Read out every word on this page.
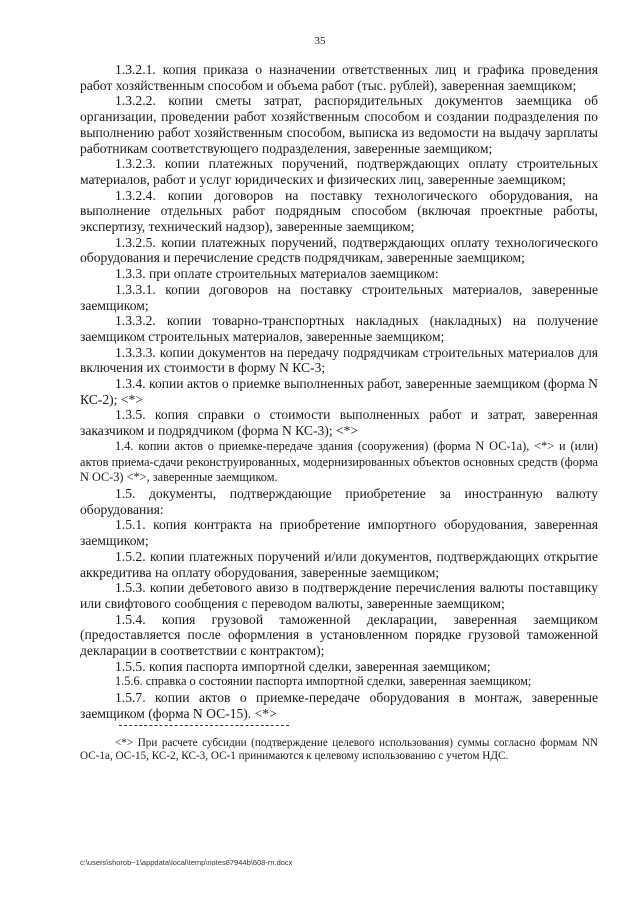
35

1.3.2.1. копия приказа о назначении ответственных лиц и графика проведения работ хозяйственным способом и объема работ (тыс. рублей), заверенная заемщиком;

1.3.2.2. копии сметы затрат, распорядительных документов заемщика об организации, проведении работ хозяйственным способом и создании подразделения по выполнению работ хозяйственным способом, выписка из ведомости на выдачу зарплаты работникам соответствующего подразделения, заверенные заемщиком;

1.3.2.3. копии платежных поручений, подтверждающих оплату строительных материалов, работ и услуг юридических и физических лиц, заверенные заемщиком;

1.3.2.4. копии договоров на поставку технологического оборудования, на выполнение отдельных работ подрядным способом (включая проектные работы, экспертизу, технический надзор), заверенные заемщиком;

1.3.2.5. копии платежных поручений, подтверждающих оплату технологического оборудования и перечисление средств подрядчикам, заверенные заемщиком;

1.3.3. при оплате строительных материалов заемщиком:

1.3.3.1. копии договоров на поставку строительных материалов, заверенные заемщиком;

1.3.3.2. копии товарно-транспортных накладных (накладных) на получение заемщиком строительных материалов, заверенные заемщиком;

1.3.3.3. копии документов на передачу подрядчикам строительных материалов для включения их стоимости в форму N КС-3;

1.3.4. копии актов о приемке выполненных работ, заверенные заемщиком (форма N КС-2); <*>

1.3.5. копия справки о стоимости выполненных работ и затрат, заверенная заказчиком и подрядчиком (форма N КС-3); <*>

1.4. копии актов о приемке-передаче здания (сооружения) (форма N ОС-1а), <*> и (или) актов приема-сдачи реконструированных, модернизированных объектов основных средств (форма N ОС-3) <*>, заверенные заемщиком.

1.5. документы, подтверждающие приобретение за иностранную валюту оборудования:

1.5.1. копия контракта на приобретение импортного оборудования, заверенная заемщиком;

1.5.2. копии платежных поручений и/или документов, подтверждающих открытие аккредитива на оплату оборудования, заверенные заемщиком;

1.5.3. копии дебетового авизо в подтверждение перечисления валюты поставщику или свифтового сообщения с переводом валюты, заверенные заемщиком;

1.5.4. копия грузовой таможенной декларации, заверенная заемщиком (предоставляется после оформления в установленном порядке грузовой таможенной декларации в соответствии с контрактом);

1.5.5. копия паспорта импортной сделки, заверенная заемщиком;

1.5.6. справка о состоянии паспорта импортной сделки, заверенная заемщиком;

1.5.7. копии актов о приемке-передаче оборудования в монтаж, заверенные заемщиком (форма N ОС-15). <*>

<*> При расчете субсидии (подтверждение целевого использования) суммы согласно формам NN ОС-1а, ОС-15, КС-2, КС-3, ОС-1 принимаются к целевому использованию с учетом НДС.

c:\users\shorob~1\appdata\local\temp\notes87944b\608-rn.docx
